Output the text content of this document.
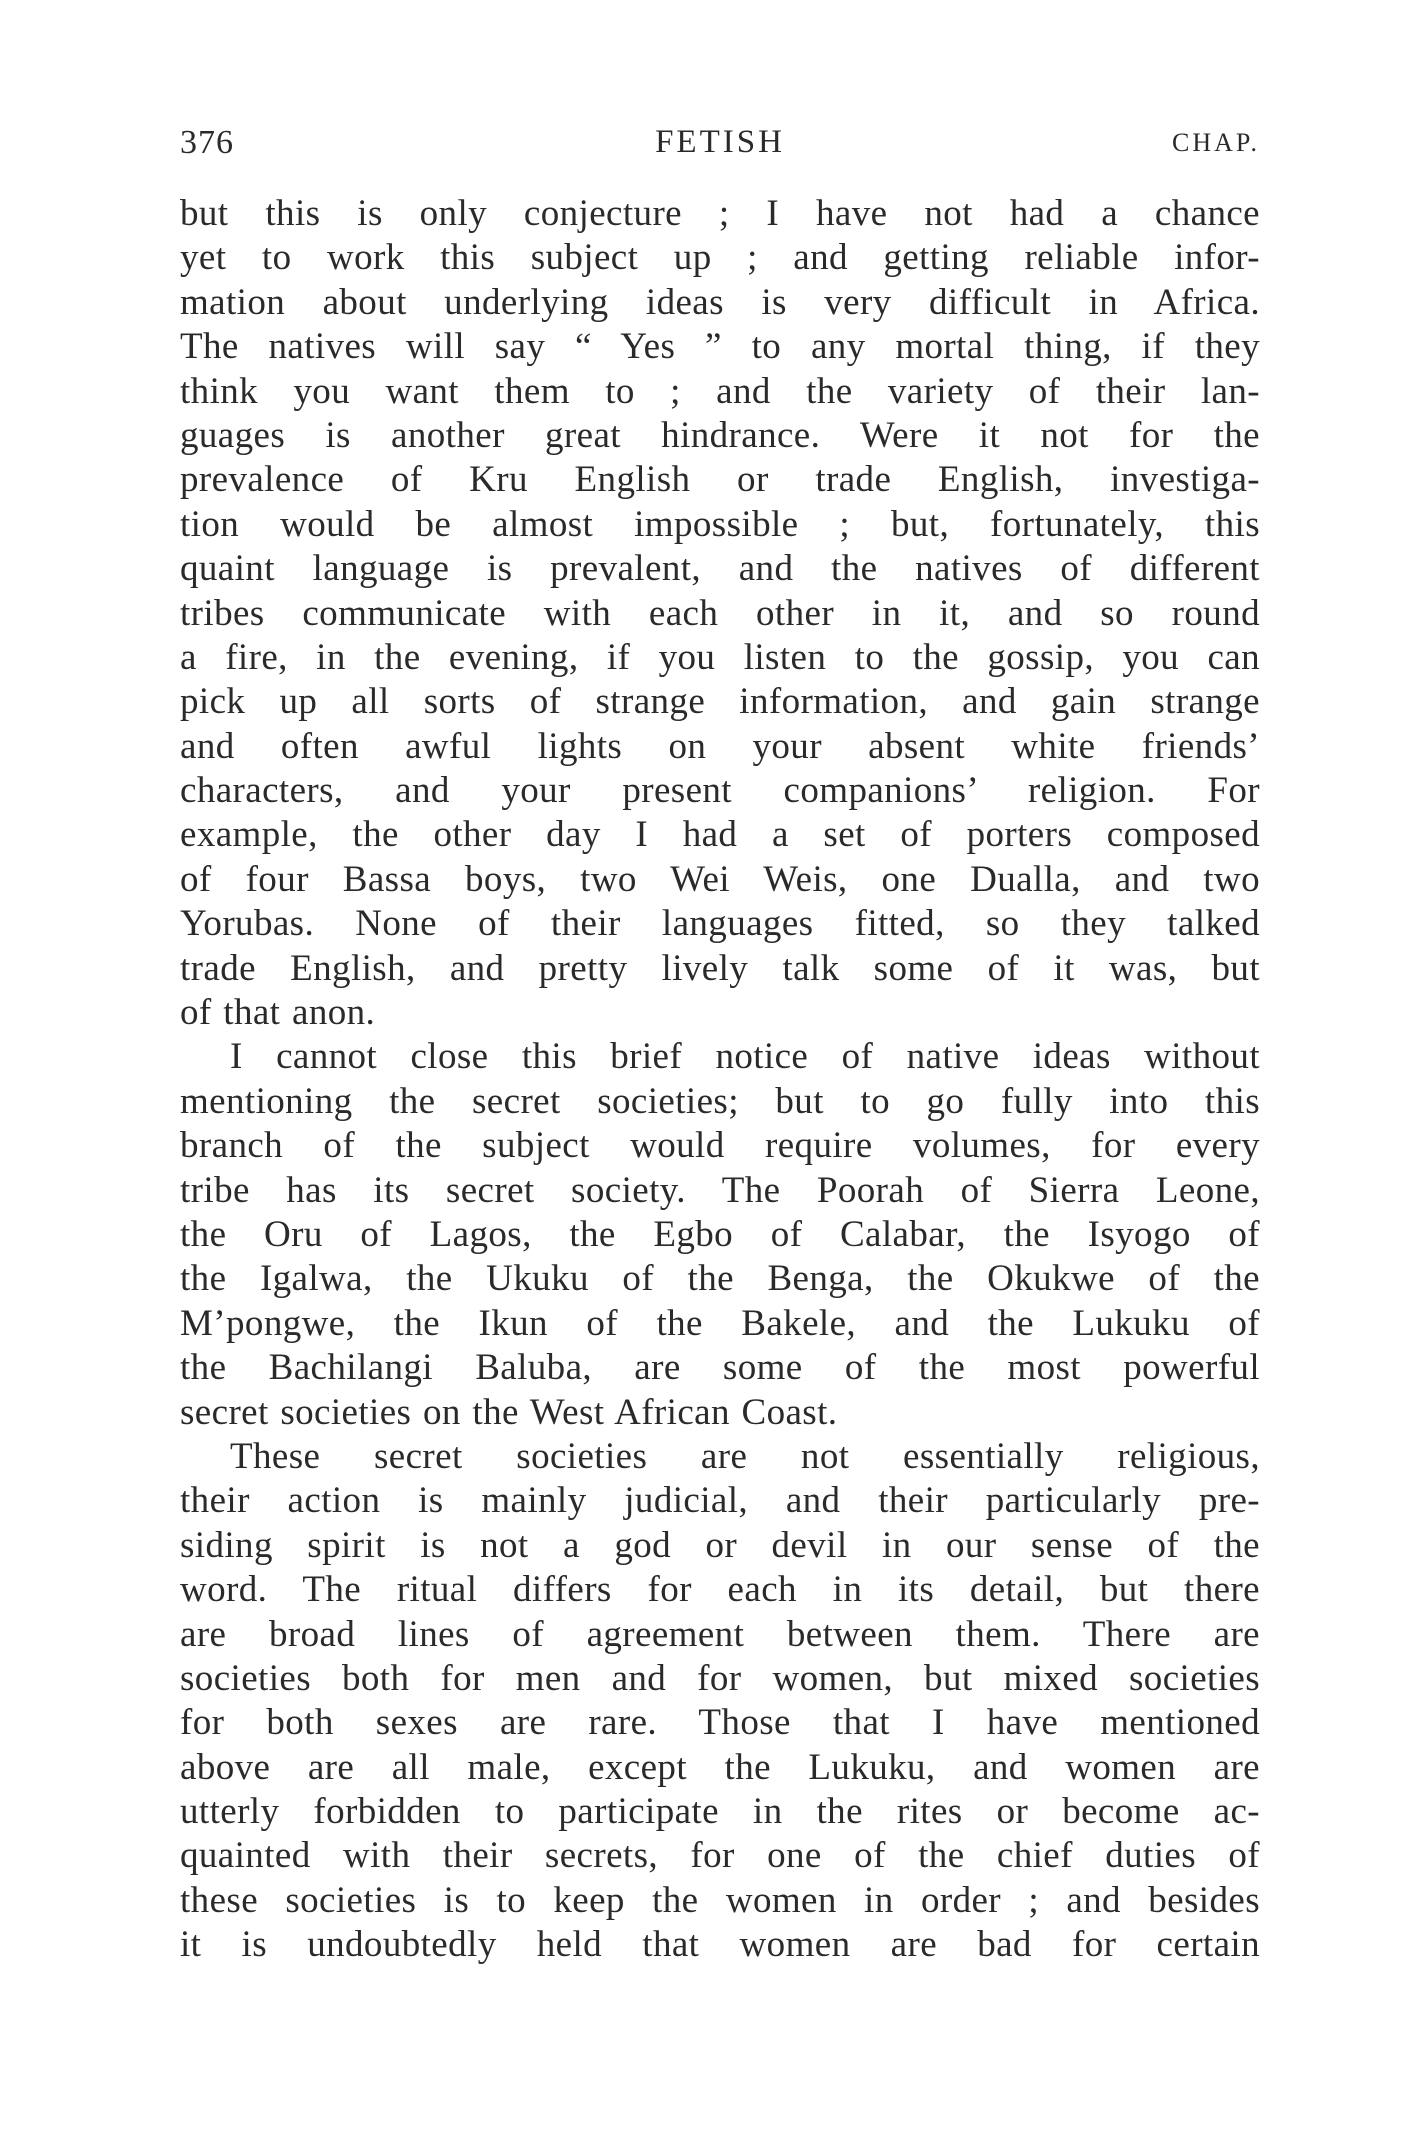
376	FETISH	CHAP.
but this is only conjecture ; I have not had a chance
yet to work this subject up ; and getting reliable infor-
mation about underlying ideas is very difficult in Africa.
The natives will say “ Yes ” to any mortal thing, if they
think you want them to ; and the variety of their lan-
guages is another great hindrance. Were it not for the
prevalence of Kru English or trade English, investiga-
tion would be almost impossible ; but, fortunately, this
quaint language is prevalent, and the natives of different
tribes communicate with each other in it, and so round
a fire, in the evening, if you listen to the gossip, you can
pick up all sorts of strange information, and gain strange
and often awful lights on your absent white friends’
characters, and your present companions’ religion. For
example, the other day I had a set of porters composed
of four Bassa boys, two Wei Weis, one Dualla, and two
Yorubas. None of their languages fitted, so they talked
trade English, and pretty lively talk some of it was, but
of that anon.
I cannot close this brief notice of native ideas without
mentioning the secret societies; but to go fully into this
branch of the subject would require volumes, for every
tribe has its secret society. The Poorah of Sierra Leone,
the Oru of Lagos, the Egbo of Calabar, the Isyogo of
the Igalwa, the Ukuku of the Benga, the Okukwe of the
M’pongwe, the Ikun of the Bakele, and the Lukuku of
the Bachilangi Baluba, are some of the most powerful
secret societies on the West African Coast.
These secret societies are not essentially religious,
their action is mainly judicial, and their particularly pre-
siding spirit is not a god or devil in our sense of the
word. The ritual differs for each in its detail, but there
are broad lines of agreement between them. There are
societies both for men and for women, but mixed societies
for both sexes are rare. Those that I have mentioned
above are all male, except the Lukuku, and women are
utterly forbidden to participate in the rites or become ac-
quainted with their secrets, for one of the chief duties of
these societies is to keep the women in order ; and besides
it is undoubtedly held that women are bad for certain
